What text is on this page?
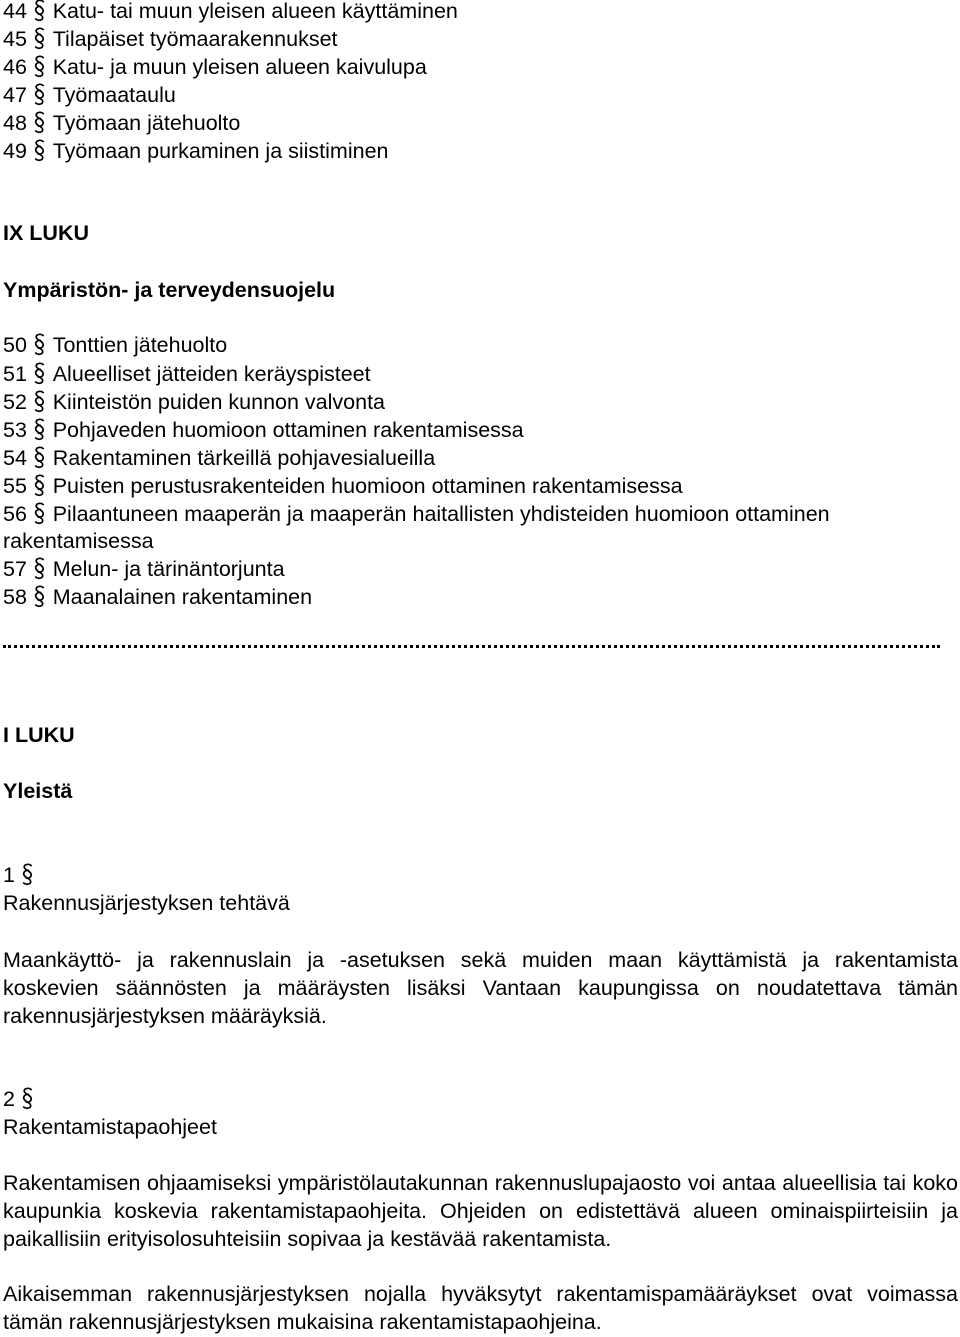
44 Katu- tai muun yleisen alueen käyttäminen
45 Tilapäiset työmaarakennukset
46 Katu- ja muun yleisen alueen kaivulupa
47 Työmaataulu
48 Työmaan jätehuolto
49 Työmaan purkaminen ja siistiminen
IX LUKU
Ympäristön- ja terveydensuojelu
50 Tonttien jätehuolto
51 Alueelliset jätteiden keräyspisteet
52 Kiinteistön puiden kunnon valvonta
53 Pohjaveden huomioon ottaminen rakentamisessa
54 Rakentaminen tärkeillä pohjavesialueilla
55 Puisten perustusrakenteiden huomioon ottaminen rakentamisessa
56 Pilaantuneen maaperän ja maaperän haitallisten yhdisteiden huomioon ottaminen
rakentamisessa
57 Melun- ja tärinäntorjunta
58 Maanalainen rakentaminen
I LUKU
Yleistä
1
Rakennusjärjestyksen tehtävä
Maankäyttö- ja rakennuslain ja -asetuksen sekä muiden maan käyttämistä ja rakentamista koskevien säännösten ja määräysten lisäksi Vantaan kaupungissa on noudatettava tämän rakennusjärjestyksen määräyksiä.
2
Rakentamistapaohjeet
Rakentamisen ohjaamiseksi ympäristölautakunnan rakennuslupajaosto voi antaa alueellisia tai koko kaupunkia koskevia rakentamistapaohjeita. Ohjeiden on edistettävä alueen ominaispiirteisiin ja paikallisiin erityisolosuhteisiin sopivaa ja kestävää rakentamista.
Aikaisemman rakennusjärjestyksen nojalla hyväksytyt rakentamispamääräykset ovat voimassa tämän rakennusjärjestyksen mukaisina rakentamistapaohjeina.
